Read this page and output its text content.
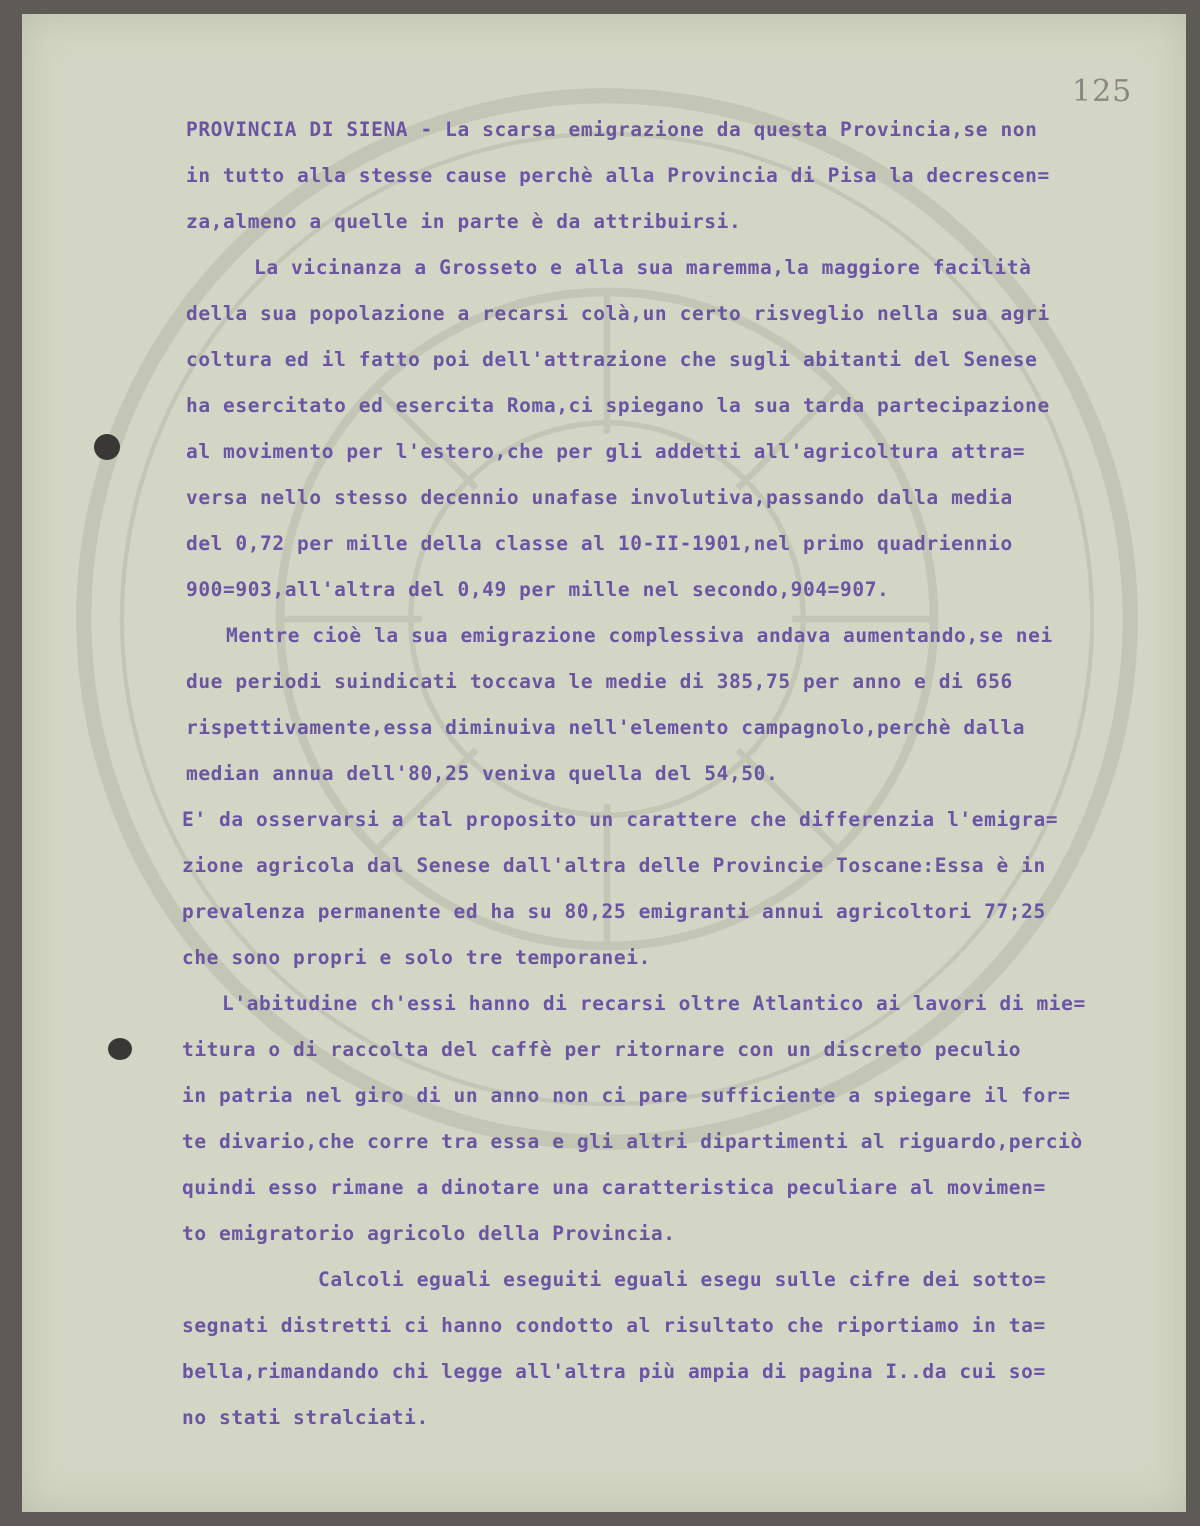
125
PROVINCIA DI SIENA - La scarsa emigrazione da questa Provincia,se non
in tutto alla stesse cause perchè alla Provincia di Pisa la decrescen=
za,almeno a quelle in parte è da attribuirsi.
La vicinanza a Grosseto e alla sua maremma,la maggiore facilità
della sua popolazione a recarsi colà,un certo risveglio nella sua agri
coltura ed il fatto poi dell'attrazione che sugli abitanti del Senese
ha esercitato ed esercita Roma,ci spiegano la sua tarda partecipazione
al movimento per l'estero,che per gli addetti all'agricoltura attra=
versa nello stesso decennio unafase involutiva,passando dalla media
del 0,72 per mille della classe al 10-II-1901,nel primo quadriennio
900=903,all'altra del 0,49 per mille nel secondo,904=907.
Mentre cioè la sua emigrazione complessiva andava aumentando,se nei
due periodi suindicati toccava le medie di 385,75 per anno e di 656
rispettivamente,essa diminuiva nell'elemento campagnolo,perchè dalla
median annua dell'80,25 veniva quella del 54,50.
E' da osservarsi a tal proposito un carattere che differenzia l'emigra=
zione agricola dal Senese dall'altra delle Provincie Toscane:Essa è in
prevalenza permanente ed ha su 80,25 emigranti annui agricoltori 77;25
che sono propri e solo tre temporanei.
L'abitudine ch'essi hanno di recarsi oltre Atlantico ai lavori di mie=
titura o di raccolta del caffè per ritornare con un discreto peculio
in patria nel giro di un anno non ci pare sufficiente a spiegare il for=
te divario,che corre tra essa e gli altri dipartimenti al riguardo,perciò
quindi esso rimane a dinotare una caratteristica peculiare al movimen=
to emigratorio agricolo della Provincia.
Calcoli eguali eseguiti eguali esegu sulle cifre dei sotto=
segnati distretti ci hanno condotto al risultato che riportiamo in ta=
bella,rimandando chi legge all'altra più ampia di pagina I..da cui so=
no stati stralciati.
